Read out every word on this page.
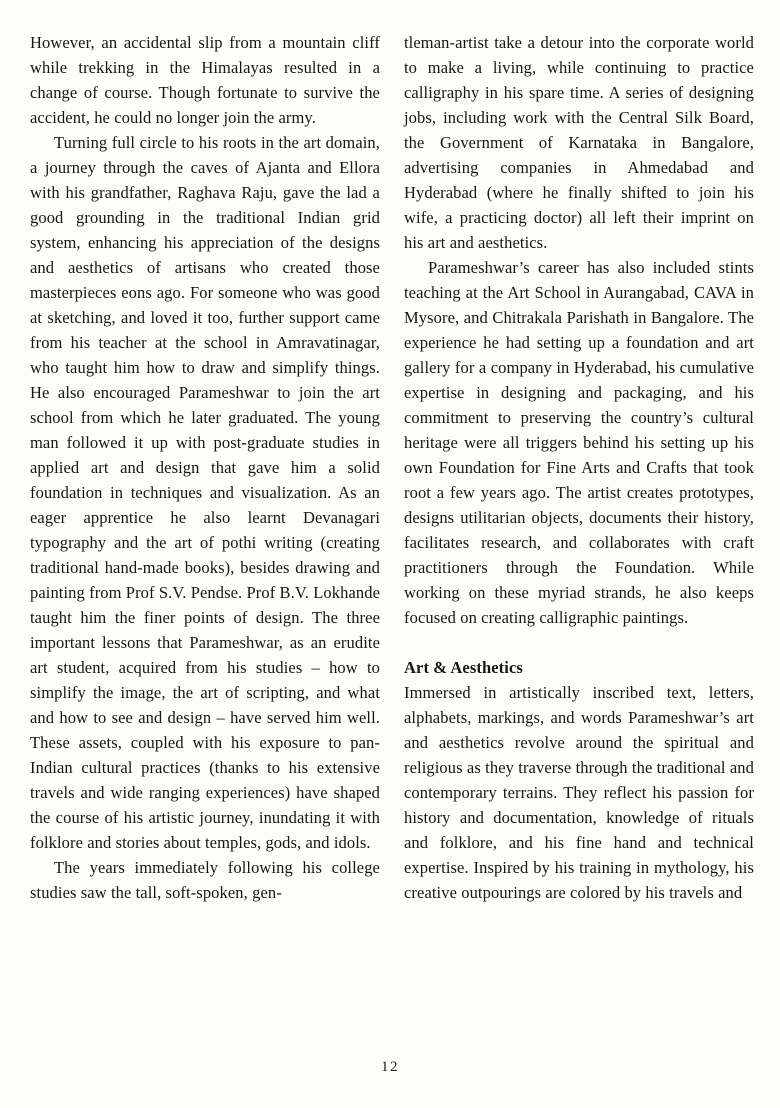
However, an accidental slip from a mountain cliff while trekking in the Himalayas resulted in a change of course. Though fortunate to survive the accident, he could no longer join the army.

Turning full circle to his roots in the art domain, a journey through the caves of Ajanta and Ellora with his grandfather, Raghava Raju, gave the lad a good grounding in the traditional Indian grid system, enhancing his appreciation of the designs and aesthetics of artisans who created those masterpieces eons ago. For someone who was good at sketching, and loved it too, further support came from his teacher at the school in Amravatinagar, who taught him how to draw and simplify things. He also encouraged Parameshwar to join the art school from which he later graduated. The young man followed it up with post-graduate studies in applied art and design that gave him a solid foundation in techniques and visualization. As an eager apprentice he also learnt Devanagari typography and the art of pothi writing (creating traditional hand-made books), besides drawing and painting from Prof S.V. Pendse. Prof B.V. Lokhande taught him the finer points of design. The three important lessons that Parameshwar, as an erudite art student, acquired from his studies – how to simplify the image, the art of scripting, and what and how to see and design – have served him well. These assets, coupled with his exposure to pan-Indian cultural practices (thanks to his extensive travels and wide ranging experiences) have shaped the course of his artistic journey, inundating it with folklore and stories about temples, gods, and idols.

The years immediately following his college studies saw the tall, soft-spoken, gen-

tleman-artist take a detour into the corporate world to make a living, while continuing to practice calligraphy in his spare time. A series of designing jobs, including work with the Central Silk Board, the Government of Karnataka in Bangalore, advertising companies in Ahmedabad and Hyderabad (where he finally shifted to join his wife, a practicing doctor) all left their imprint on his art and aesthetics.

Parameshwar’s career has also included stints teaching at the Art School in Aurangabad, CAVA in Mysore, and Chitrakala Parishath in Bangalore. The experience he had setting up a foundation and art gallery for a company in Hyderabad, his cumulative expertise in designing and packaging, and his commitment to preserving the country’s cultural heritage were all triggers behind his setting up his own Foundation for Fine Arts and Crafts that took root a few years ago. The artist creates prototypes, designs utilitarian objects, documents their history, facilitates research, and collaborates with craft practitioners through the Foundation. While working on these myriad strands, he also keeps focused on creating calligraphic paintings.

Art & Aesthetics

Immersed in artistically inscribed text, letters, alphabets, markings, and words Parameshwar’s art and aesthetics revolve around the spiritual and religious as they traverse through the traditional and contemporary terrains. They reflect his passion for history and documentation, knowledge of rituals and folklore, and his fine hand and technical expertise. Inspired by his training in mythology, his creative outpourings are colored by his travels and

12
